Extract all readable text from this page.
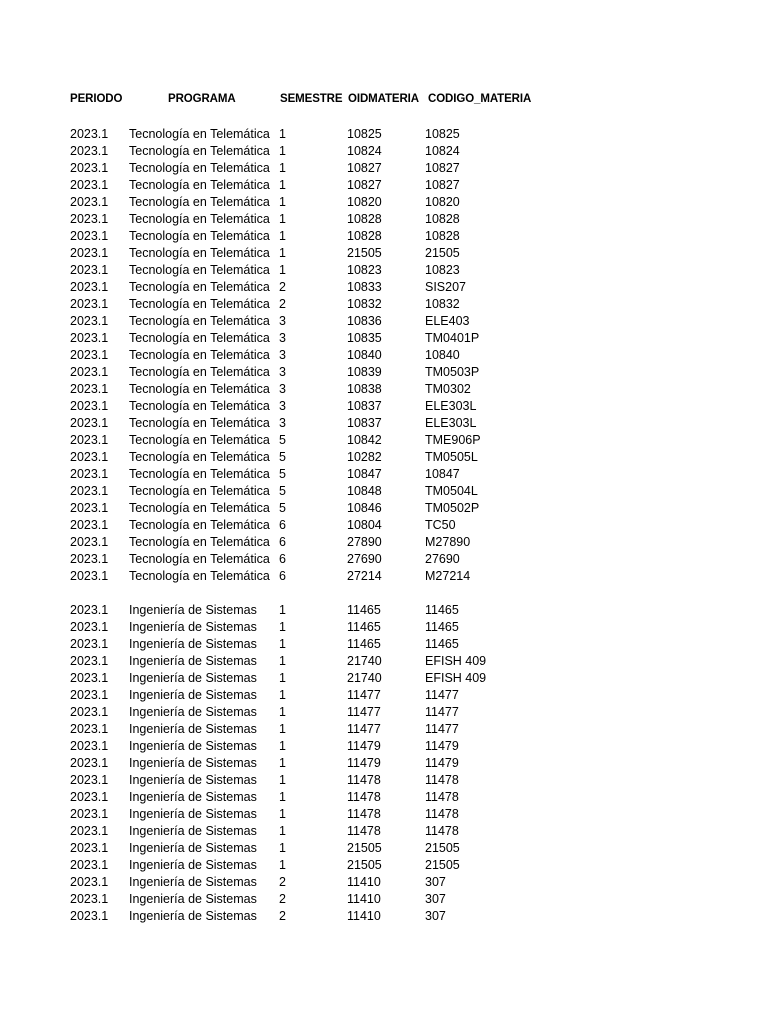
PERIODO	PROGRAMA	SEMESTRE OIDMATERIA CODIGO_MATERIA
2023.1 Tecnología en Telemática 1	10825	10825
2023.1 Tecnología en Telemática 1	10824	10824
2023.1 Tecnología en Telemática 1	10827	10827
2023.1 Tecnología en Telemática 1	10827	10827
2023.1 Tecnología en Telemática 1	10820	10820
2023.1 Tecnología en Telemática 1	10828	10828
2023.1 Tecnología en Telemática 1	10828	10828
2023.1 Tecnología en Telemática 1	21505	21505
2023.1 Tecnología en Telemática 1	10823	10823
2023.1 Tecnología en Telemática 2	10833	SIS207
2023.1 Tecnología en Telemática 2	10832	10832
2023.1 Tecnología en Telemática 3	10836	ELE403
2023.1 Tecnología en Telemática 3	10835	TM0401P
2023.1 Tecnología en Telemática 3	10840	10840
2023.1 Tecnología en Telemática 3	10839	TM0503P
2023.1 Tecnología en Telemática 3	10838	TM0302
2023.1 Tecnología en Telemática 3	10837	ELE303L
2023.1 Tecnología en Telemática 3	10837	ELE303L
2023.1 Tecnología en Telemática 5	10842	TME906P
2023.1 Tecnología en Telemática 5	10282	TM0505L
2023.1 Tecnología en Telemática 5	10847	10847
2023.1 Tecnología en Telemática 5	10848	TM0504L
2023.1 Tecnología en Telemática 5	10846	TM0502P
2023.1 Tecnología en Telemática 6	10804	TC50
2023.1 Tecnología en Telemática 6	27890	M27890
2023.1 Tecnología en Telemática 6	27690	27690
2023.1 Tecnología en Telemática 6	27214	M27214
2023.1 Ingeniería de Sistemas 1	11465	11465
2023.1 Ingeniería de Sistemas 1	11465	11465
2023.1 Ingeniería de Sistemas 1	11465	11465
2023.1 Ingeniería de Sistemas 1	21740	EFISH 409
2023.1 Ingeniería de Sistemas 1	21740	EFISH 409
2023.1 Ingeniería de Sistemas 1	11477	11477
2023.1 Ingeniería de Sistemas 1	11477	11477
2023.1 Ingeniería de Sistemas 1	11477	11477
2023.1 Ingeniería de Sistemas 1	11479	11479
2023.1 Ingeniería de Sistemas 1	11479	11479
2023.1 Ingeniería de Sistemas 1	11478	11478
2023.1 Ingeniería de Sistemas 1	11478	11478
2023.1 Ingeniería de Sistemas 1	11478	11478
2023.1 Ingeniería de Sistemas 1	11478	11478
2023.1 Ingeniería de Sistemas 1	21505	21505
2023.1 Ingeniería de Sistemas 1	21505	21505
2023.1 Ingeniería de Sistemas 2	11410	307
2023.1 Ingeniería de Sistemas 2	11410	307
2023.1 Ingeniería de Sistemas 2	11410	307
